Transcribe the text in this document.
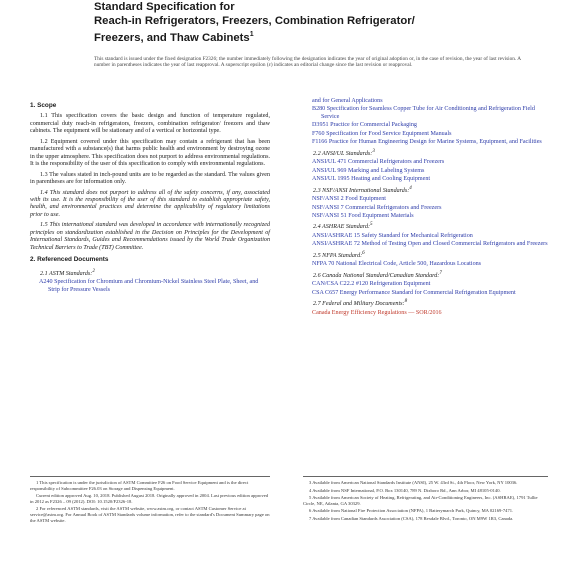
Standard Specification for
Reach-in Refrigerators, Freezers, Combination Refrigerator/
Freezers, and Thaw Cabinets$^1$
This standard is issued under the fixed designation F2326; the number immediately following the designation indicates the year of original adoption or, in the case of revision, the year of last revision. A number in parentheses indicates the year of last reapproval. A superscript epsilon (ε) indicates an editorial change since the last revision or reapproval.
1. Scope

1.1 This specification covers the basic design and function of temperature regulated, commercial duty reach-in refrigerators, freezers, combination refrigerator/ freezers and thaw cabinets. The equipment will be stationary and of a vertical or horizontal type.

1.2 Equipment covered under this specification may contain a refrigerant that has been manufactured with a substance(s) that harms public health and environment by destroying ozone in the upper atmosphere. This specification does not purport to address environmental regulations. It is the responsibility of the user of this specification to comply with environmental regulations.

1.3 The values stated in inch-pound units are to be regarded as the standard. The values given in parentheses are for information only.

1.4 This standard does not purport to address all of the safety concerns, if any, associated with its use. It is the responsibility of the user of this standard to establish appropriate safety, health, and environmental practices and determine the applicability of regulatory limitations prior to use.

1.5 This international standard was developed in accordance with internationally recognized principles on standardization established in the Decision on Principles for the Development of International Standards, Guides and Recommendations issued by the World Trade Organization Technical Barriers to Trade (TBT) Committee.

2. Referenced Documents
2.1 ASTM Standards:$^2$
A240 Specification for Chromium and Chromium-Nickel Stainless Steel Plate, Sheet, and Strip for Pressure Vessels
and for General Applications
B280 Specification for Seamless Copper Tube for Air Conditioning and Refrigeration Field Service
D3951 Practice for Commercial Packaging
F760 Specification for Food Service Equipment Manuals
F1166 Practice for Human Engineering Design for Marine Systems, Equipment, and Facilities
2.2 ANSI/UL Standards:$^3$
ANSI/UL 471 Commercial Refrigerators and Freezers
ANSI/UL 969 Marking and Labeling Systems
ANSI/UL 1995 Heating and Cooling Equipment
2.3 NSF/ANSI International Standards:$^4$
NSF/ANSI 2 Food Equipment
NSF/ANSI 7 Commercial Refrigerators and Freezers
NSF/ANSI 51 Food Equipment Materials
2.4 ASHRAE Standard:$^5$
ANSI/ASHRAE 15 Safety Standard for Mechanical Refrigeration
ANSI/ASHRAE 72 Method of Testing Open and Closed Commercial Refrigerators and Freezers
2.5 NFPA Standard:$^6$
NFPA 70 National Electrical Code, Article 500, Hazardous Locations
2.6 Canada National Standard/Canadian Standard:$^7$
CAN/CSA C22.2 #120 Refrigeration Equipment
CSA C657 Energy Performance Standard for Commercial Refrigeration Equipment
2.7 Federal and Military Documents:$^8$
Canada Energy Efficiency Regulations — SOR/2016

1 This specification is under the jurisdiction of ASTM Committee F26 on Food Service Equipment and is the direct responsibility of Subcommittee F26.03 on Storage and Dispensing Equipment.

Current edition approved Aug. 10, 2018. Published August 2018. Originally approved in 2004. Last previous edition approved in 2012 as F2326 – 09 (2012). DOI: 10.1520/F2326-18.

2 For referenced ASTM standards, visit the ASTM website, www.astm.org, or contact ASTM Customer Service at service@astm.org. For Annual Book of ASTM Standards volume information, refer to the standard's Document Summary page on the ASTM website.

3 Available from American National Standards Institute (ANSI), 25 W. 43rd St., 4th Floor, New York, NY 10036.

4 Available from NSF International, P.O. Box 130140, 789 N. Dixboro Rd., Ann Arbor, MI 48105-0140.

5 Available from American Society of Heating, Refrigerating, and Air-Conditioning Engineers, Inc. (ASHRAE), 1791 Tullie Circle, NE, Atlanta, GA 30329.

6 Available from National Fire Protection Association (NFPA), 1 Batterymarch Park, Quincy, MA 02169-7471.

7 Available from Canadian Standards Association (CSA), 178 Rexdale Blvd., Toronto, ON M9W 1R3, Canada.
